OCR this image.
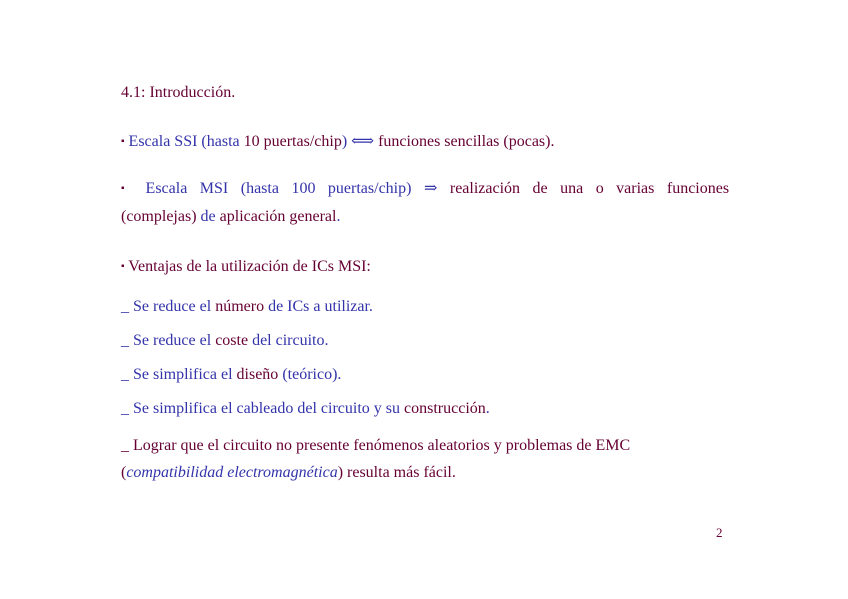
4.1: Introducción.
▪ Escala SSI (hasta 10 puertas/chip) ⟺ funciones sencillas (pocas).
▪ Escala MSI (hasta 100 puertas/chip) ⇒ realización de una o varias funciones
(complejas) de aplicación general.
▪ Ventajas de la utilización de ICs MSI:
_ Se reduce el número de ICs a utilizar.
_ Se reduce el coste del circuito.
_ Se simplifica el diseño (teórico).
_ Se simplifica el cableado del circuito y su construcción.
_ Lograr que el circuito no presente fenómenos aleatorios y problemas de EMC
(compatibilidad electromagnética) resulta más fácil.
2
